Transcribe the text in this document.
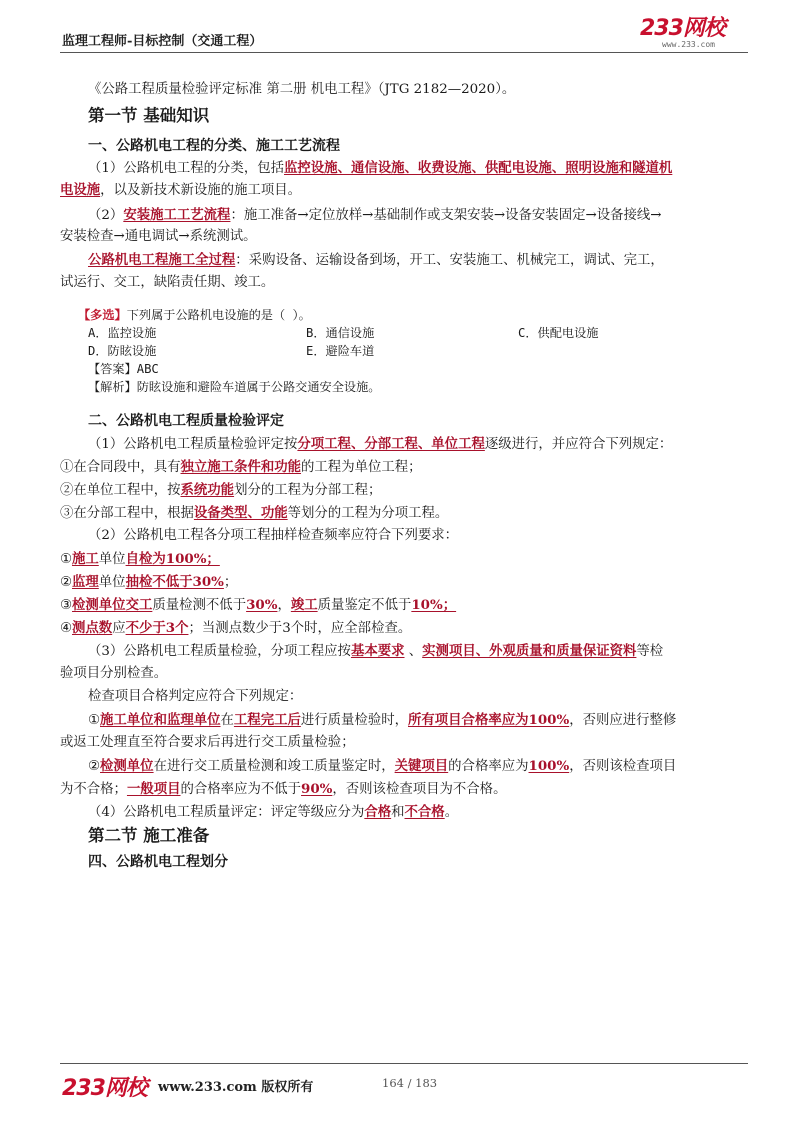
监理工程师-目标控制（交通工程）
233网校
www.233.com
《公路工程质量检验评定标准 第二册 机电工程》（JTG 2182—2020）。
第一节 基础知识
一、公路机电工程的分类、施工工艺流程
（1）公路机电工程的分类，包括监控设施、通信设施、收费设施、供配电设施、照明设施和隧道机
电设施，以及新技术新设施的施工项目。
（2）安装施工工艺流程：施工准备→定位放样→基础制作或支架安装→设备安装固定→设备接线→
安装检查→通电调试→系统测试。
公路机电工程施工全过程：采购设备、运输设备到场，开工、安装施工、机械完工，调试、完工，
试运行、交工，缺陷责任期、竣工。
【多选】下列属于公路机电设施的是（ ）。
A．监控设施	B．通信设施	C．供配电设施
D．防眩设施	E．避险车道
【答案】ABC
【解析】防眩设施和避险车道属于公路交通安全设施。
二、公路机电工程质量检验评定
（1）公路机电工程质量检验评定按分项工程、分部工程、单位工程逐级进行，并应符合下列规定：
①在合同段中，具有独立施工条件和功能的工程为单位工程；
②在单位工程中，按系统功能划分的工程为分部工程；
③在分部工程中，根据设备类型、功能等划分的工程为分项工程。
（2）公路机电工程各分项工程抽样检查频率应符合下列要求：
①施工单位自检为100%；
②监理单位抽检不低于30%；
③检测单位交工质量检测不低于30%，竣工质量鉴定不低于10%；
④测点数应不少于3个；当测点数少于3个时，应全部检查。
（3）公路机电工程质量检验，分项工程应按基本要求 、实测项目、外观质量和质量保证资料等检
验项目分别检查。
检查项目合格判定应符合下列规定：
①施工单位和监理单位在工程完工后进行质量检验时，所有项目合格率应为100%，否则应进行整修
或返工处理直至符合要求后再进行交工质量检验；
②检测单位在进行交工质量检测和竣工质量鉴定时，关键项目的合格率应为100%，否则该检查项目
为不合格；一般项目的合格率应为不低于90%，否则该检查项目为不合格。
（4）公路机电工程质量评定：评定等级应分为合格和不合格。
第二节 施工准备
四、公路机电工程划分
233网校 www.233.com 版权所有	164 / 183
